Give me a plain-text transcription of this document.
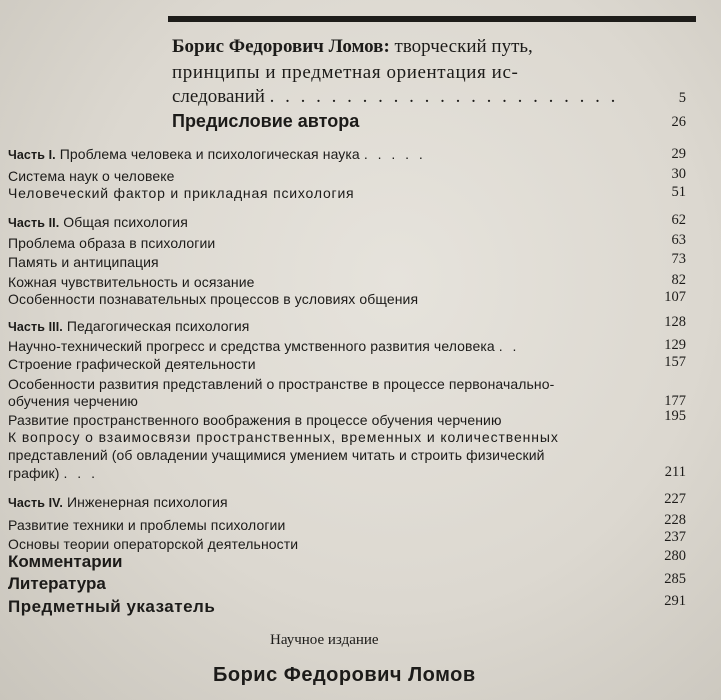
Борис Федорович Ломов: творческий путь,
принципы и предметная ориентация ис-
следований . . . . . . . . . . . . . . . . . . . . . . .	5
Предисловие автора	26
Часть I. Проблема человека и психологическая наука . . . . .	29
Система наук о человеке	30
Человеческий фактор и прикладная психология	51
Часть II. Общая психология	62
Проблема образа в психологии	63
Память и антиципация	73
Кожная чувствительность и осязание	82
Особенности познавательных процессов в условиях общения	107
Часть III. Педагогическая психология	128
Научно-технический прогресс и средства умственного развития человека . .	129
Строение графической деятельности	157
Особенности развития представлений о пространстве в процессе первоначально-
обучения черчению	177
Развитие пространственного воображения в процессе обучения черчению	195
К вопросу о взаимосвязи пространственных, временных и количественных
представлений (об овладении учащимися умением читать и строить физический
график) . . .	211
Часть IV. Инженерная психология	227
Развитие техники и проблемы психологии	228
Основы теории операторской деятельности	237
Комментарии	280
Литература	285
Предметный указатель	291
Научное издание
Борис Федорович Ломов
